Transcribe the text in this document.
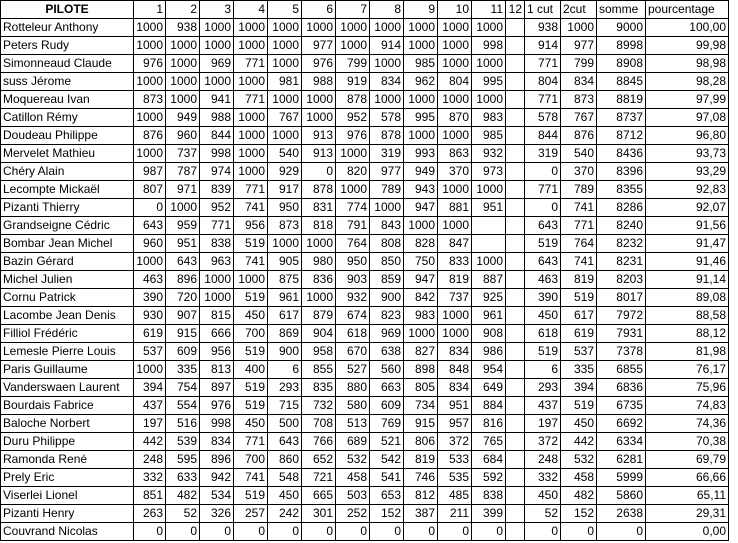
PILOTE	1	2	3	4	5	6	7	8	9	10	11	12	1 cut	2cut	somme	pourcentage
Rotteleur Anthony	1000	938	1000	1000	1000	1000	1000	1000	1000	1000	1000		938	1000	9000	100,00
Peters Rudy	1000	1000	1000	1000	1000	977	1000	914	1000	1000	998		914	977	8998	99,98
Simonneaud Claude	976	1000	969	771	1000	976	799	1000	985	1000	1000		771	799	8908	98,98
suss Jérome	1000	1000	1000	1000	981	988	919	834	962	804	995		804	834	8845	98,28
Moquereau Ivan	873	1000	941	771	1000	1000	878	1000	1000	1000	1000		771	873	8819	97,99
Catillon Rémy	1000	949	988	1000	767	1000	952	578	995	870	983		578	767	8737	97,08
Doudeau Philippe	876	960	844	1000	1000	913	976	878	1000	1000	985		844	876	8712	96,80
Mervelet Mathieu	1000	737	998	1000	540	913	1000	319	993	863	932		319	540	8436	93,73
Chéry Alain	987	787	974	1000	929	0	820	977	949	370	973		0	370	8396	93,29
Lecompte Mickaël	807	971	839	771	917	878	1000	789	943	1000	1000		771	789	8355	92,83
Pizanti Thierry	0	1000	952	741	950	831	774	1000	947	881	951		0	741	8286	92,07
Grandseigne Cédric	643	959	771	956	873	818	791	843	1000	1000			643	771	8240	91,56
Bombar Jean Michel	960	951	838	519	1000	1000	764	808	828	847			519	764	8232	91,47
Bazin Gérard	1000	643	963	741	905	980	950	850	750	833	1000		643	741	8231	91,46
Michel Julien	463	896	1000	1000	875	836	903	859	947	819	887		463	819	8203	91,14
Cornu Patrick	390	720	1000	519	961	1000	932	900	842	737	925		390	519	8017	89,08
Lacombe Jean Denis	930	907	815	450	617	879	674	823	983	1000	961		450	617	7972	88,58
Filliol Frédéric	619	915	666	700	869	904	618	969	1000	1000	908		618	619	7931	88,12
Lemesle Pierre Louis	537	609	956	519	900	958	670	638	827	834	986		519	537	7378	81,98
Paris Guillaume	1000	335	813	400	6	855	527	560	898	848	954		6	335	6855	76,17
Vanderswaen Laurent	394	754	897	519	293	835	880	663	805	834	649		293	394	6836	75,96
Bourdais Fabrice	437	554	976	519	715	732	580	609	734	951	884		437	519	6735	74,83
Baloche Norbert	197	516	998	450	500	708	513	769	915	957	816		197	450	6692	74,36
Duru Philippe	442	539	834	771	643	766	689	521	806	372	765		372	442	6334	70,38
Ramonda René	248	595	896	700	860	652	532	542	819	533	684		248	532	6281	69,79
Prely Eric	332	633	942	741	548	721	458	541	746	535	592		332	458	5999	66,66
Viserlei Lionel	851	482	534	519	450	665	503	653	812	485	838		450	482	5860	65,11
Pizanti Henry	263	52	326	257	242	301	252	152	387	211	399		52	152	2638	29,31
Couvrand Nicolas	0	0	0	0	0	0	0	0	0	0	0		0	0	0	0,00
